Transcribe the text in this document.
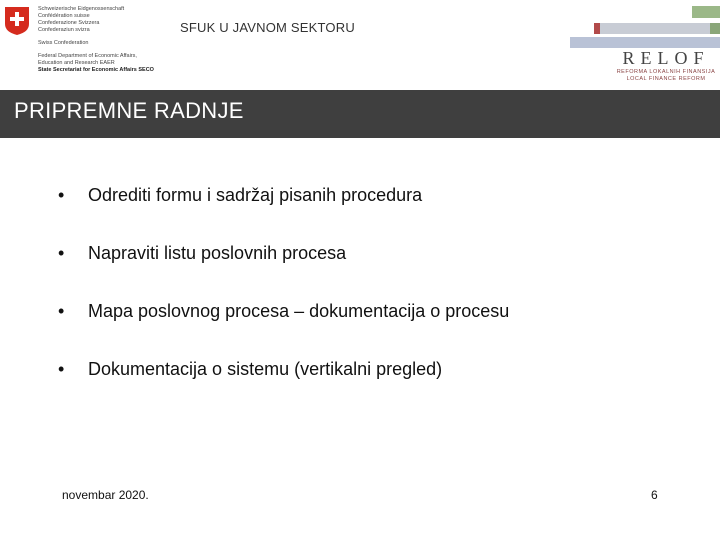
Schweizerische Eidgenossenschaft
Confédération suisse
Confederazione Svizzera
Confederaziun svizra
Swiss Confederation
Federal Department of Economic Affairs,
Education and Research EAER
State Secretariat for Economic Affairs SECO
SFUK U JAVNOM SEKTORU
RELOF
REFORMA LOKALNIH FINANSIJA
LOCAL FINANCE REFORM
PRIPREMNE RADNJE
•	Odrediti formu i sadržaj pisanih procedura
•	Napraviti listu poslovnih procesa
•	Mapa poslovnog procesa – dokumentacija o procesu
•	Dokumentacija o sistemu (vertikalni pregled)
novembar 2020.	6
